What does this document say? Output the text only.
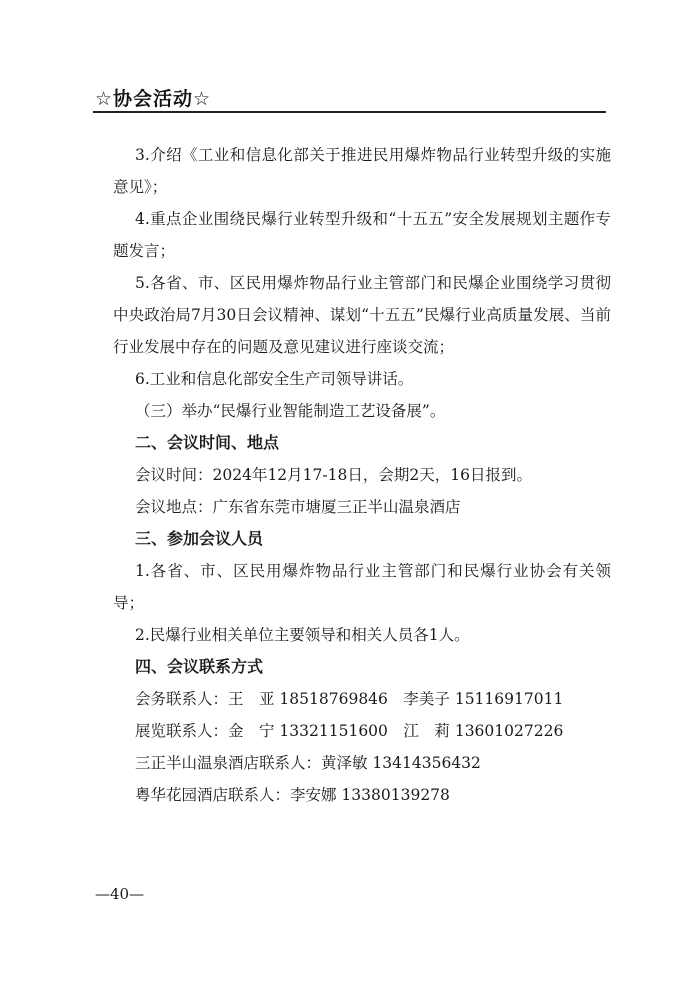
☆协会活动☆

3.介绍《工业和信息化部关于推进民用爆炸物品行业转型升级的实施意见》；

4.重点企业围绕民爆行业转型升级和“十五五”安全发展规划主题作专题发言；

5.各省、市、区民用爆炸物品行业主管部门和民爆企业围绕学习贯彻中央政治局7月30日会议精神、谋划“十五五”民爆行业高质量发展、当前行业发展中存在的问题及意见建议进行座谈交流；

6.工业和信息化部安全生产司领导讲话。

（三）举办“民爆行业智能制造工艺设备展”。

二、会议时间、地点

会议时间：2024年12月17-18日，会期2天，16日报到。

会议地点：广东省东莞市塘厦三正半山温泉酒店

三、参加会议人员

1.各省、市、区民用爆炸物品行业主管部门和民爆行业协会有关领导；

2.民爆行业相关单位主要领导和相关人员各1人。

四、会议联系方式

会务联系人：王　亚 18518769846　李美子 15116917011

展览联系人：金　宁 13321151600　江　莉 13601027226

三正半山温泉酒店联系人：黄泽敏 13414356432

粤华花园酒店联系人：李安娜 13380139278

—40—
